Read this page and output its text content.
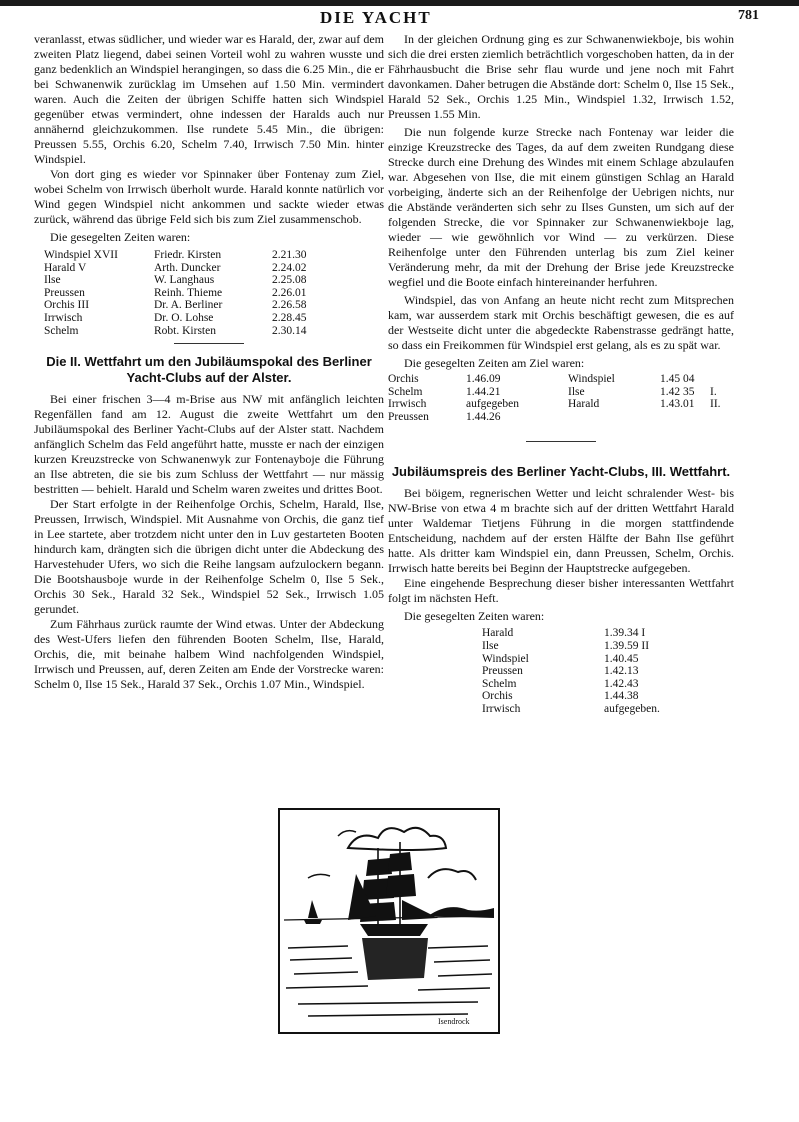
DIE YACHT	781

veranlasst, etwas südlicher, und wieder war es Harald, der, zwar auf dem zweiten Platz liegend, dabei seinen Vorteil wohl zu wahren wusste und ganz bedenklich an Windspiel herangingen, so dass die 6.25 Min., die er bei Schwanenwik zurücklag im Umsehen auf 1.50 Min. vermindert waren. Auch die Zeiten der übrigen Schiffe hatten sich Windspiel gegenüber etwas vermindert, ohne indessen der Haralds auch nur annähernd gleichzukommen. Ilse rundete 5.45 Min., die übrigen: Preussen 5.55, Orchis 6.20, Schelm 7.40, Irrwisch 7.50 Min. hinter Windspiel.

Von dort ging es wieder vor Spinnaker über Fontenay zum Ziel, wobei Schelm von Irrwisch überholt wurde. Harald konnte natürlich vor Wind gegen Windspiel nicht ankommen und sackte wieder etwas zurück, während das übrige Feld sich bis zum Ziel zusammenschob.

Die gesegelten Zeiten waren:

Windspiel XVII	Friedr. Kirsten	2.21.30
Harald V	Arth. Duncker	2.24.02
Ilse	W. Langhaus	2.25.08
Preussen	Reinh. Thieme	2.26.01
Orchis III	Dr. A. Berliner	2.26.58
Irrwisch	Dr. O. Lohse	2.28.45
Schelm	Robt. Kirsten	2.30.14
Die II. Wettfahrt um den Jubiläumspokal des Berliner Yacht-Clubs auf der Alster.

Bei einer frischen 3—4 m-Brise aus NW mit anfänglich leichten Regenfällen fand am 12. August die zweite Wettfahrt um den Jubiläumspokal des Berliner Yacht-Clubs auf der Alster statt. Nachdem anfänglich Schelm das Feld angeführt hatte, musste er nach der einzigen kurzen Kreuzstrecke von Schwanenwyk zur Fontenayboje die Führung an Ilse abtreten, die sie bis zum Schluss der Wettfahrt — nur mässig bestritten — behielt. Harald und Schelm waren zweites und drittes Boot.

Der Start erfolgte in der Reihenfolge Orchis, Schelm, Harald, Ilse, Preussen, Irrwisch, Windspiel. Mit Ausnahme von Orchis, die ganz tief in Lee startete, aber trotzdem nicht unter den in Luv gestarteten Booten hindurch kam, drängten sich die übrigen dicht unter die Abdeckung des Harvestehuder Ufers, wo sich die Reihe langsam aufzulockern begann. Die Bootshausboje wurde in der Reihenfolge Schelm 0, Ilse 5 Sek., Orchis 30 Sek., Harald 32 Sek., Windspiel 52 Sek., Irrwisch 1.05 gerundet.

Zum Fährhaus zurück raumte der Wind etwas. Unter der Abdeckung des West-Ufers liefen den führenden Booten Schelm, Ilse, Harald, Orchis, die, mit beinahe halbem Wind nachfolgenden Windspiel, Irrwisch und Preussen, auf, deren Zeiten am Ende der Vorstrecke waren: Schelm 0, Ilse 15 Sek., Harald 37 Sek., Orchis 1.07 Min., Windspiel.

In der gleichen Ordnung ging es zur Schwanenwiekboje, bis wohin sich die drei ersten ziemlich beträchtlich vorgeschoben hatten, da in der Fährhausbucht die Brise sehr flau wurde und jene noch mit Fahrt davonkamen. Daher betrugen die Abstände dort: Schelm 0, Ilse 15 Sek., Harald 52 Sek., Orchis 1.25 Min., Windspiel 1.32, Irrwisch 1.52, Preussen 1.55 Min.

Die nun folgende kurze Strecke nach Fontenay war leider die einzige Kreuzstrecke des Tages, da auf dem zweiten Rundgang diese Strecke durch eine Drehung des Windes mit einem Schlage abzulaufen war. Abgesehen von Ilse, die mit einem günstigen Schlag an Harald vorbeiging, änderte sich an der Reihenfolge der Uebrigen nichts, nur die Abstände veränderten sich sehr zu Ilses Gunsten, um sich auf der folgenden Strecke, die vor Spinnaker zur Schwanenwiekboje lag, wieder — wie gewöhnlich vor Wind — zu verkürzen. Diese Reihenfolge unter den Führenden unterlag bis zum Ziel keiner Veränderung mehr, da mit der Drehung der Brise jede Kreuzstrecke wegfiel und die Boote einfach hintereinander herfuhren.

Windspiel, das von Anfang an heute nicht recht zum Mitsprechen kam, war ausserdem stark mit Orchis beschäftigt gewesen, die es auf der Westseite dicht unter die abgedeckte Rabenstrasse gedrängt hatte, so dass ein Freikommen für Windspiel erst gelang, als es zu spät war.

Die gesegelten Zeiten am Ziel waren:

Orchis	1.46.09	Windspiel	1.45 04
Schelm	1.44.21	Ilse	1.42 35	I.
Irrwisch	aufgegeben	Harald	1.43.01	II.
Preussen	1.44.26
Jubiläumspreis des Berliner Yacht-Clubs, III. Wettfahrt.

Bei böigem, regnerischen Wetter und leicht schralender West- bis NW-Brise von etwa 4 m brachte sich auf der dritten Wettfahrt Harald unter Waldemar Tietjens Führung in die morgen stattfindende Entscheidung, nachdem auf der ersten Hälfte der Bahn Ilse geführt hatte. Als dritter kam Windspiel ein, dann Preussen, Schelm, Orchis. Irrwisch hatte bereits bei Beginn der Hauptstrecke aufgegeben.

Eine eingehende Besprechung dieser bisher interessanten Wettfahrt folgt im nächsten Heft.

Die gesegelten Zeiten waren:

Harald	1.39.34 I
Ilse	1.39.59 II
Windspiel	1.40.45
Preussen	1.42.13
Schelm	1.42.43
Orchis	1.44.38
Irrwisch	aufgegeben.
Isendrock
